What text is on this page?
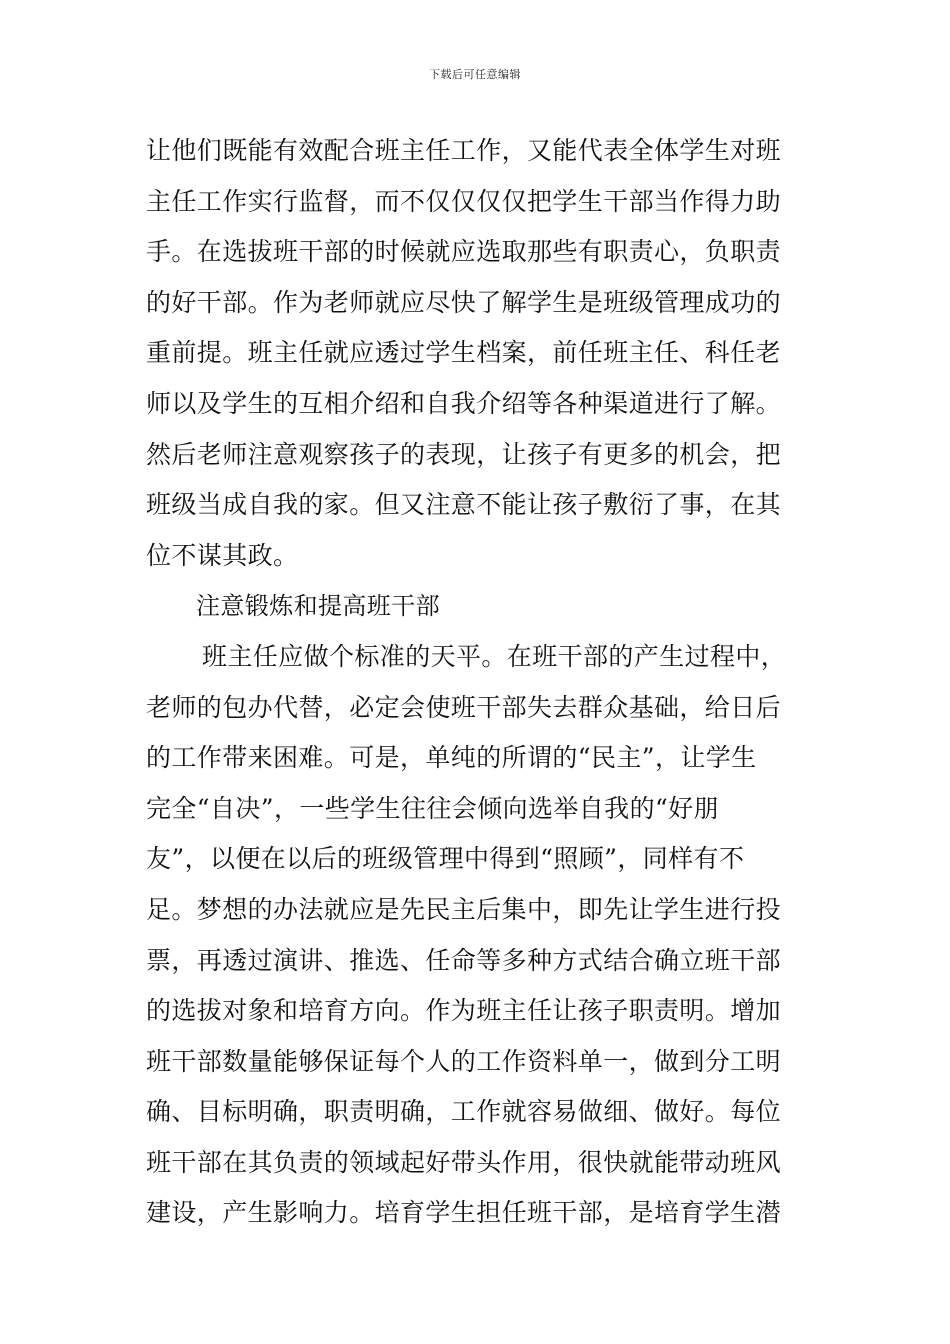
下载后可任意编辑
让他们既能有效配合班主任工作，又能代表全体学生对班
主任工作实行监督，而不仅仅仅仅把学生干部当作得力助
手。在选拔班干部的时候就应选取那些有职责心，负职责
的好干部。作为老师就应尽快了解学生是班级管理成功的
重前提。班主任就应透过学生档案，前任班主任、科任老
师以及学生的互相介绍和自我介绍等各种渠道进行了解。
然后老师注意观察孩子的表现，让孩子有更多的机会，把
班级当成自我的家。但又注意不能让孩子敷衍了事，在其
位不谋其政。
注意锻炼和提高班干部
班主任应做个标准的天平。在班干部的产生过程中，
老师的包办代替，必定会使班干部失去群众基础，给日后
的工作带来困难。可是，单纯的所谓的“民主”，让学生
完全“自决”，一些学生往往会倾向选举自我的“好朋
友”，以便在以后的班级管理中得到“照顾”，同样有不
足。梦想的办法就应是先民主后集中，即先让学生进行投
票，再透过演讲、推选、任命等多种方式结合确立班干部
的选拔对象和培育方向。作为班主任让孩子职责明。增加
班干部数量能够保证每个人的工作资料单一，做到分工明
确、目标明确，职责明确，工作就容易做细、做好。每位
班干部在其负责的领域起好带头作用，很快就能带动班风
建设，产生影响力。培育学生担任班干部，是培育学生潜
